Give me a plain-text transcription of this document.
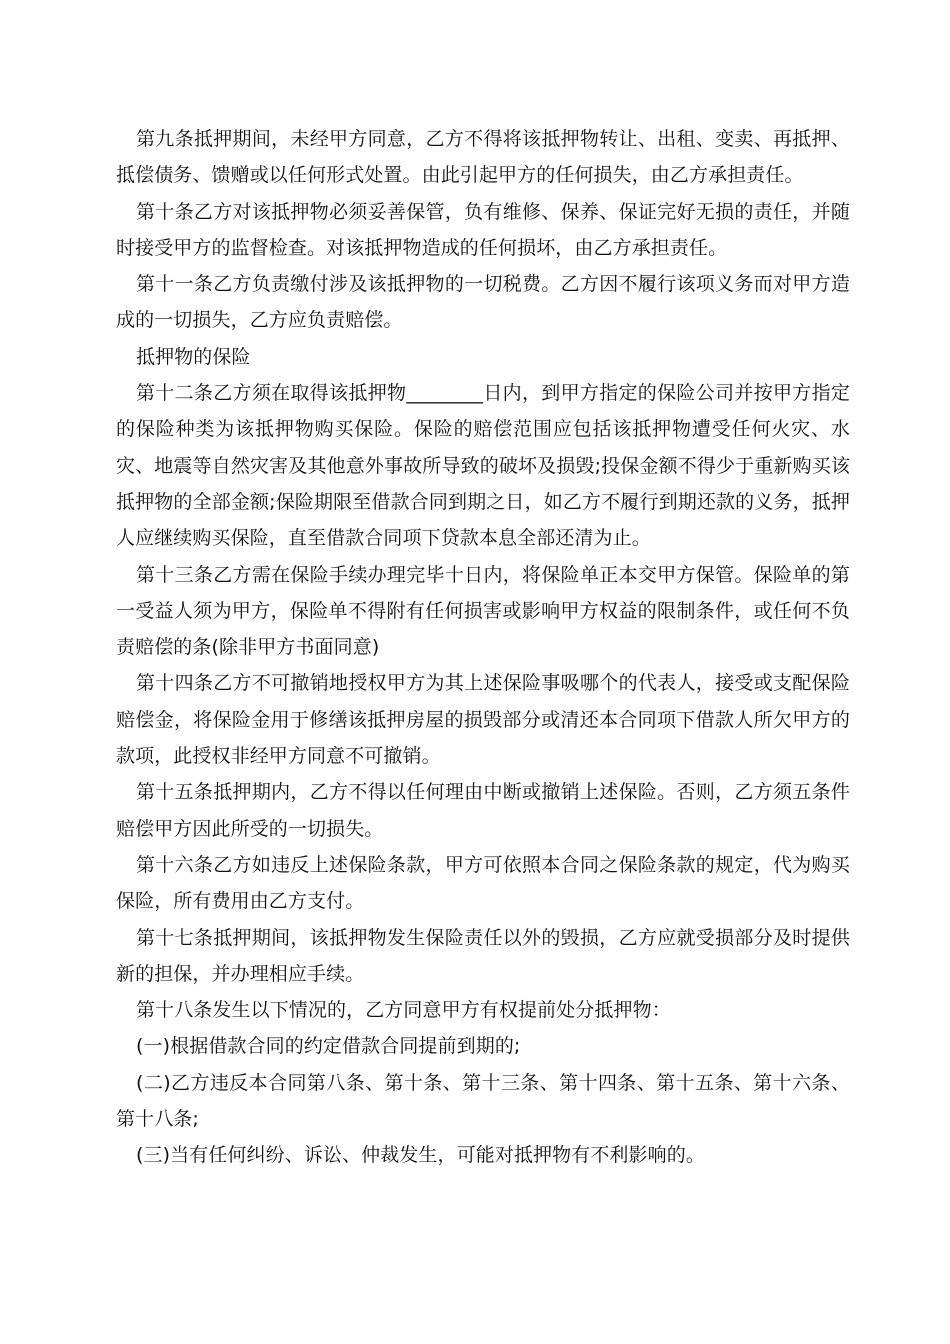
第九条抵押期间，未经甲方同意，乙方不得将该抵押物转让、出租、变卖、再抵押、抵偿债务、馈赠或以任何形式处置。由此引起甲方的任何损失，由乙方承担责任。

第十条乙方对该抵押物必须妥善保管，负有维修、保养、保证完好无损的责任，并随时接受甲方的监督检查。对该抵押物造成的任何损坏，由乙方承担责任。

第十一条乙方负责缴付涉及该抵押物的一切税费。乙方因不履行该项义务而对甲方造成的一切损失，乙方应负责赔偿。

抵押物的保险

第十二条乙方须在取得该抵押物________日内，到甲方指定的保险公司并按甲方指定的保险种类为该抵押物购买保险。保险的赔偿范围应包括该抵押物遭受任何火灾、水灾、地震等自然灾害及其他意外事故所导致的破坏及损毁;投保金额不得少于重新购买该抵押物的全部金额;保险期限至借款合同到期之日，如乙方不履行到期还款的义务，抵押人应继续购买保险，直至借款合同项下贷款本息全部还清为止。

第十三条乙方需在保险手续办理完毕十日内，将保险单正本交甲方保管。保险单的第一受益人须为甲方，保险单不得附有任何损害或影响甲方权益的限制条件，或任何不负责赔偿的条(除非甲方书面同意)

第十四条乙方不可撤销地授权甲方为其上述保险事吸哪个的代表人，接受或支配保险赔偿金，将保险金用于修缮该抵押房屋的损毁部分或清还本合同项下借款人所欠甲方的款项，此授权非经甲方同意不可撤销。

第十五条抵押期内，乙方不得以任何理由中断或撤销上述保险。否则，乙方须五条件赔偿甲方因此所受的一切损失。

第十六条乙方如违反上述保险条款，甲方可依照本合同之保险条款的规定，代为购买保险，所有费用由乙方支付。

第十七条抵押期间，该抵押物发生保险责任以外的毁损，乙方应就受损部分及时提供新的担保，并办理相应手续。

第十八条发生以下情况的，乙方同意甲方有权提前处分抵押物：

(一)根据借款合同的约定借款合同提前到期的;

(二)乙方违反本合同第八条、第十条、第十三条、第十四条、第十五条、第十六条、第十八条;

(三)当有任何纠纷、诉讼、仲裁发生，可能对抵押物有不利影响的。
